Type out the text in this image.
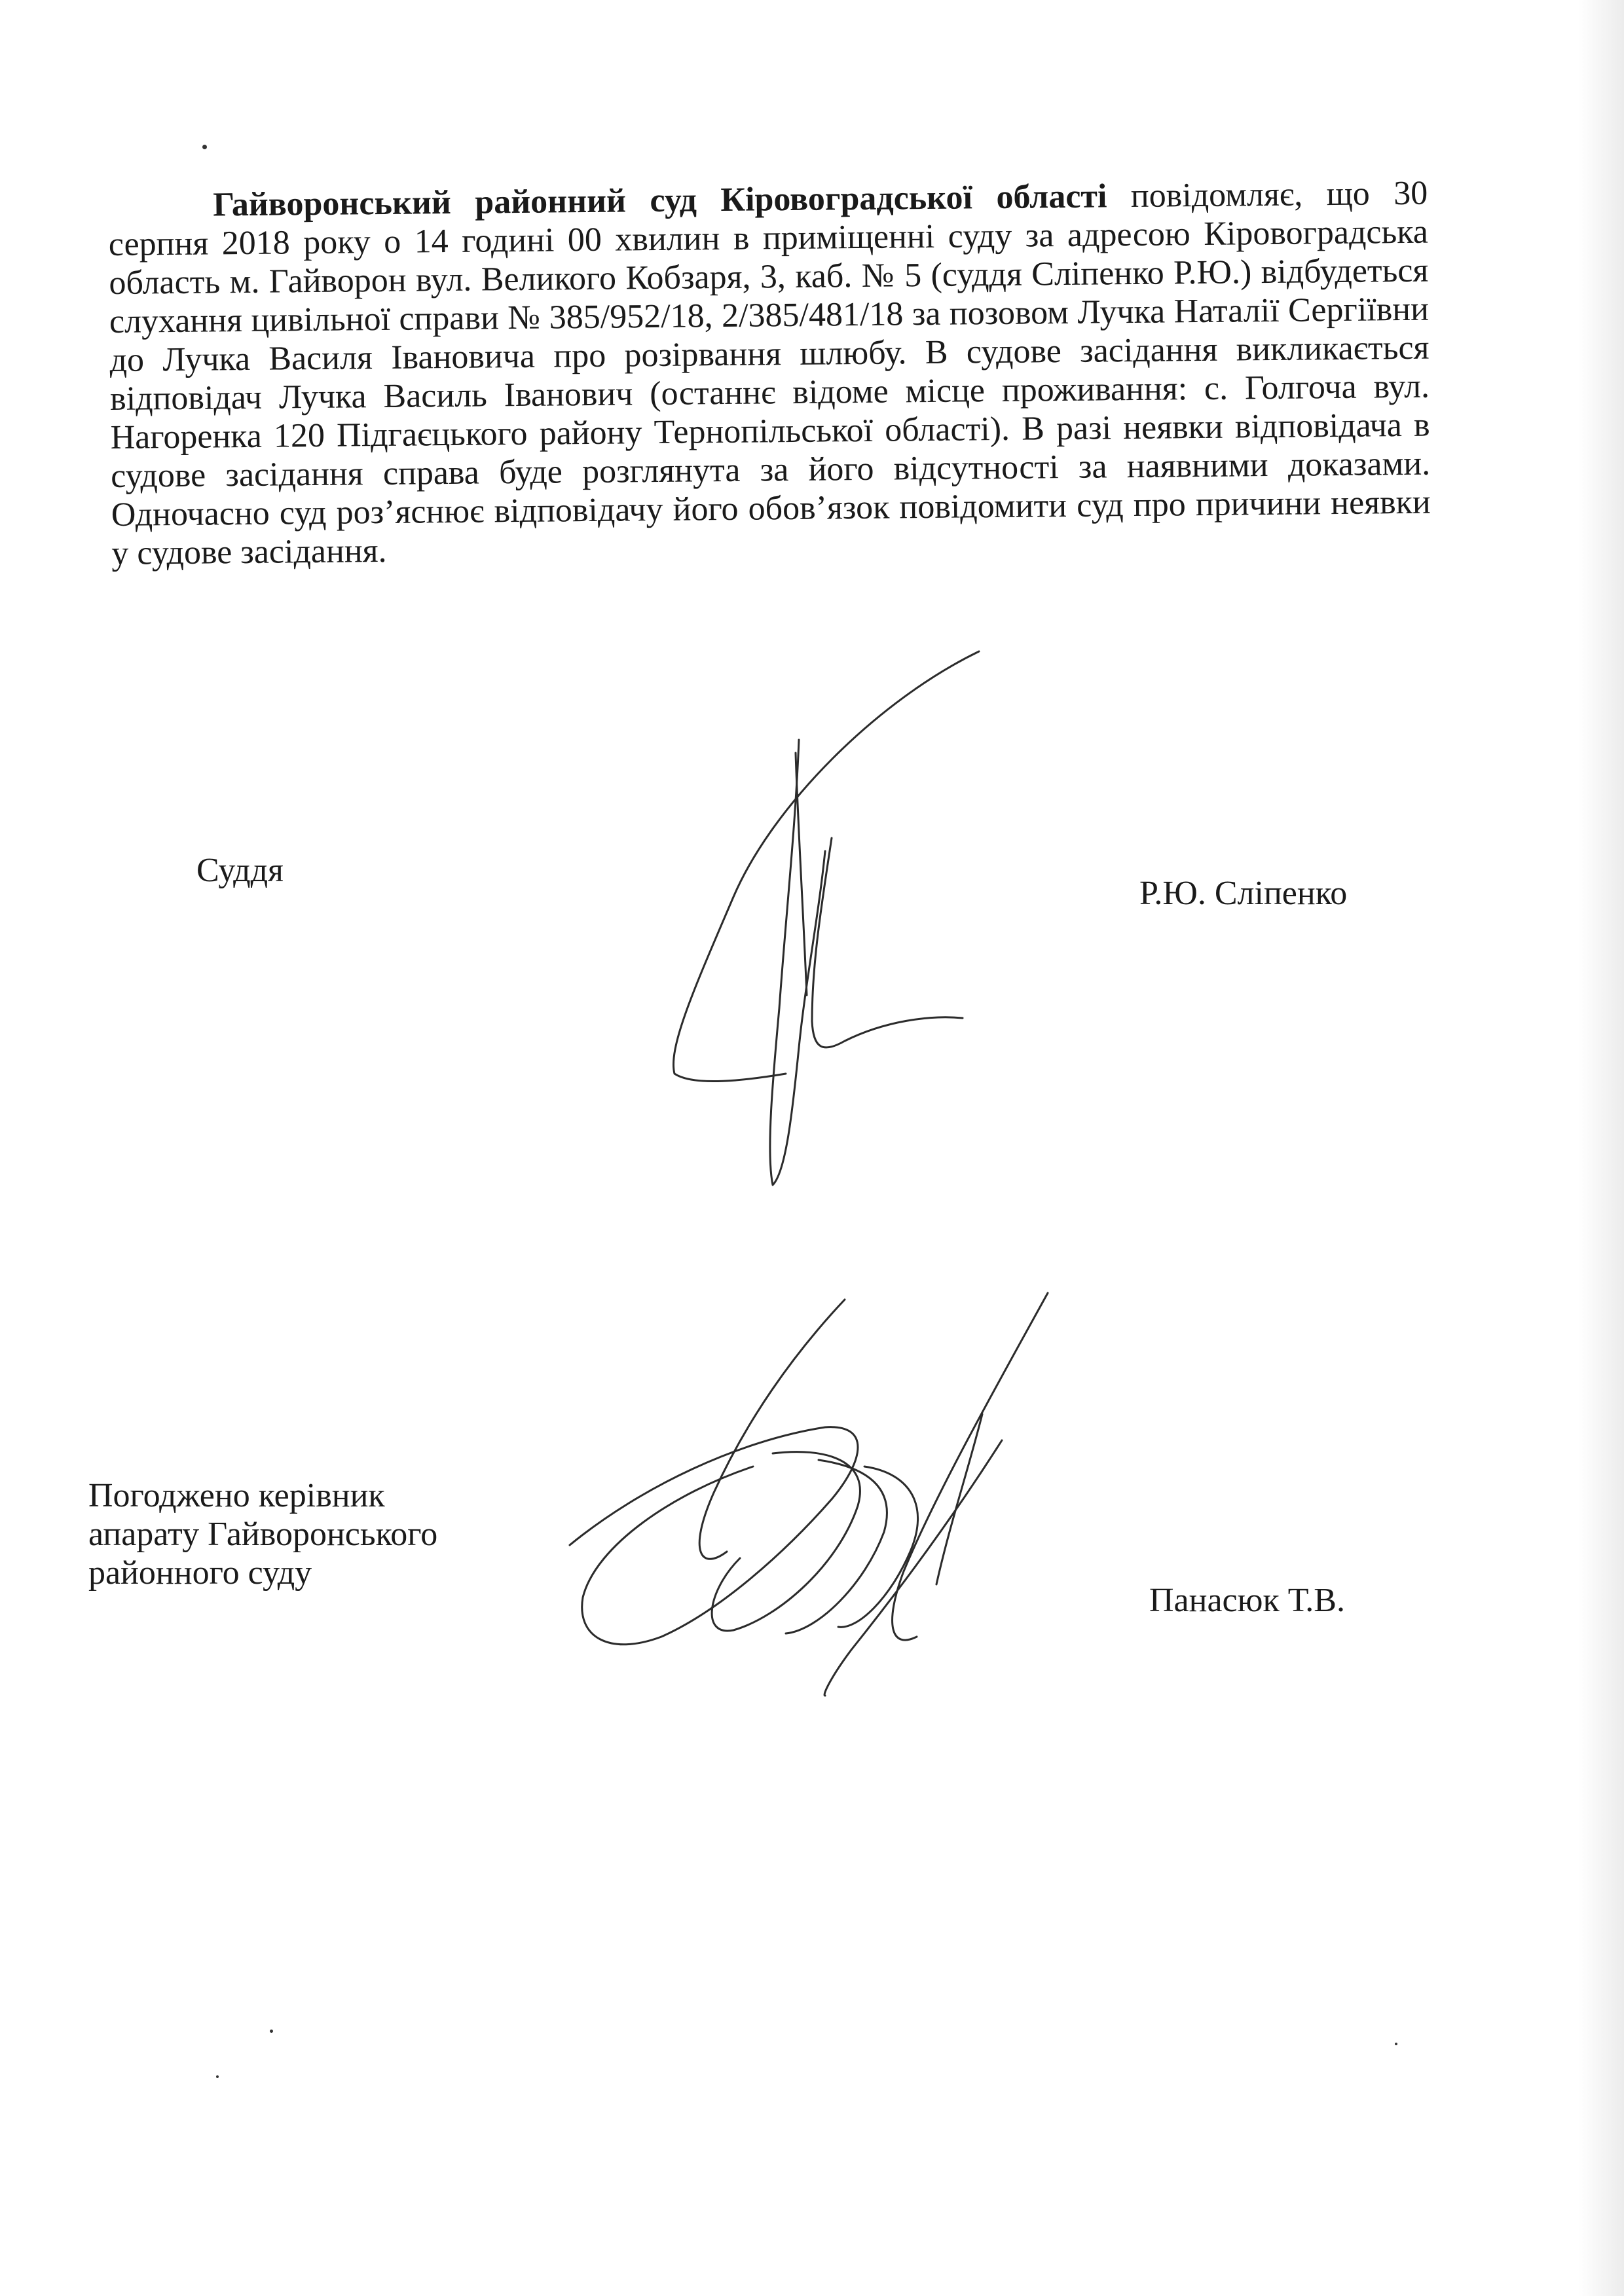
Гайворонський районний суд Кіровоградської області повідомляє, що 30 серпня 2018 року о 14 годині 00 хвилин в приміщенні суду за адресою Кіровоградська область м. Гайворон вул. Великого Кобзаря, 3, каб. № 5 (суддя Сліпенко Р.Ю.) відбудеться слухання цивільної справи № 385/952/18, 2/385/481/18 за позовом Лучка Наталії Сергіївни до Лучка Василя Івановича про розірвання шлюбу. В судове засідання викликається відповідач Лучка Василь Іванович (останнє відоме місце проживання: с. Голгоча вул. Нагоренка 120 Підгаєцького району Тернопільської області). В разі неявки відповідача в судове засідання справа буде розглянута за його відсутності за наявними доказами. Одночасно суд роз’яснює відповідачу його обов’язок повідомити суд про причини неявки у судове засідання.

Суддя
Р.Ю. Сліпенко
Погоджено керівник
апарату Гайворонського
районного суду
Панасюк Т.В.
